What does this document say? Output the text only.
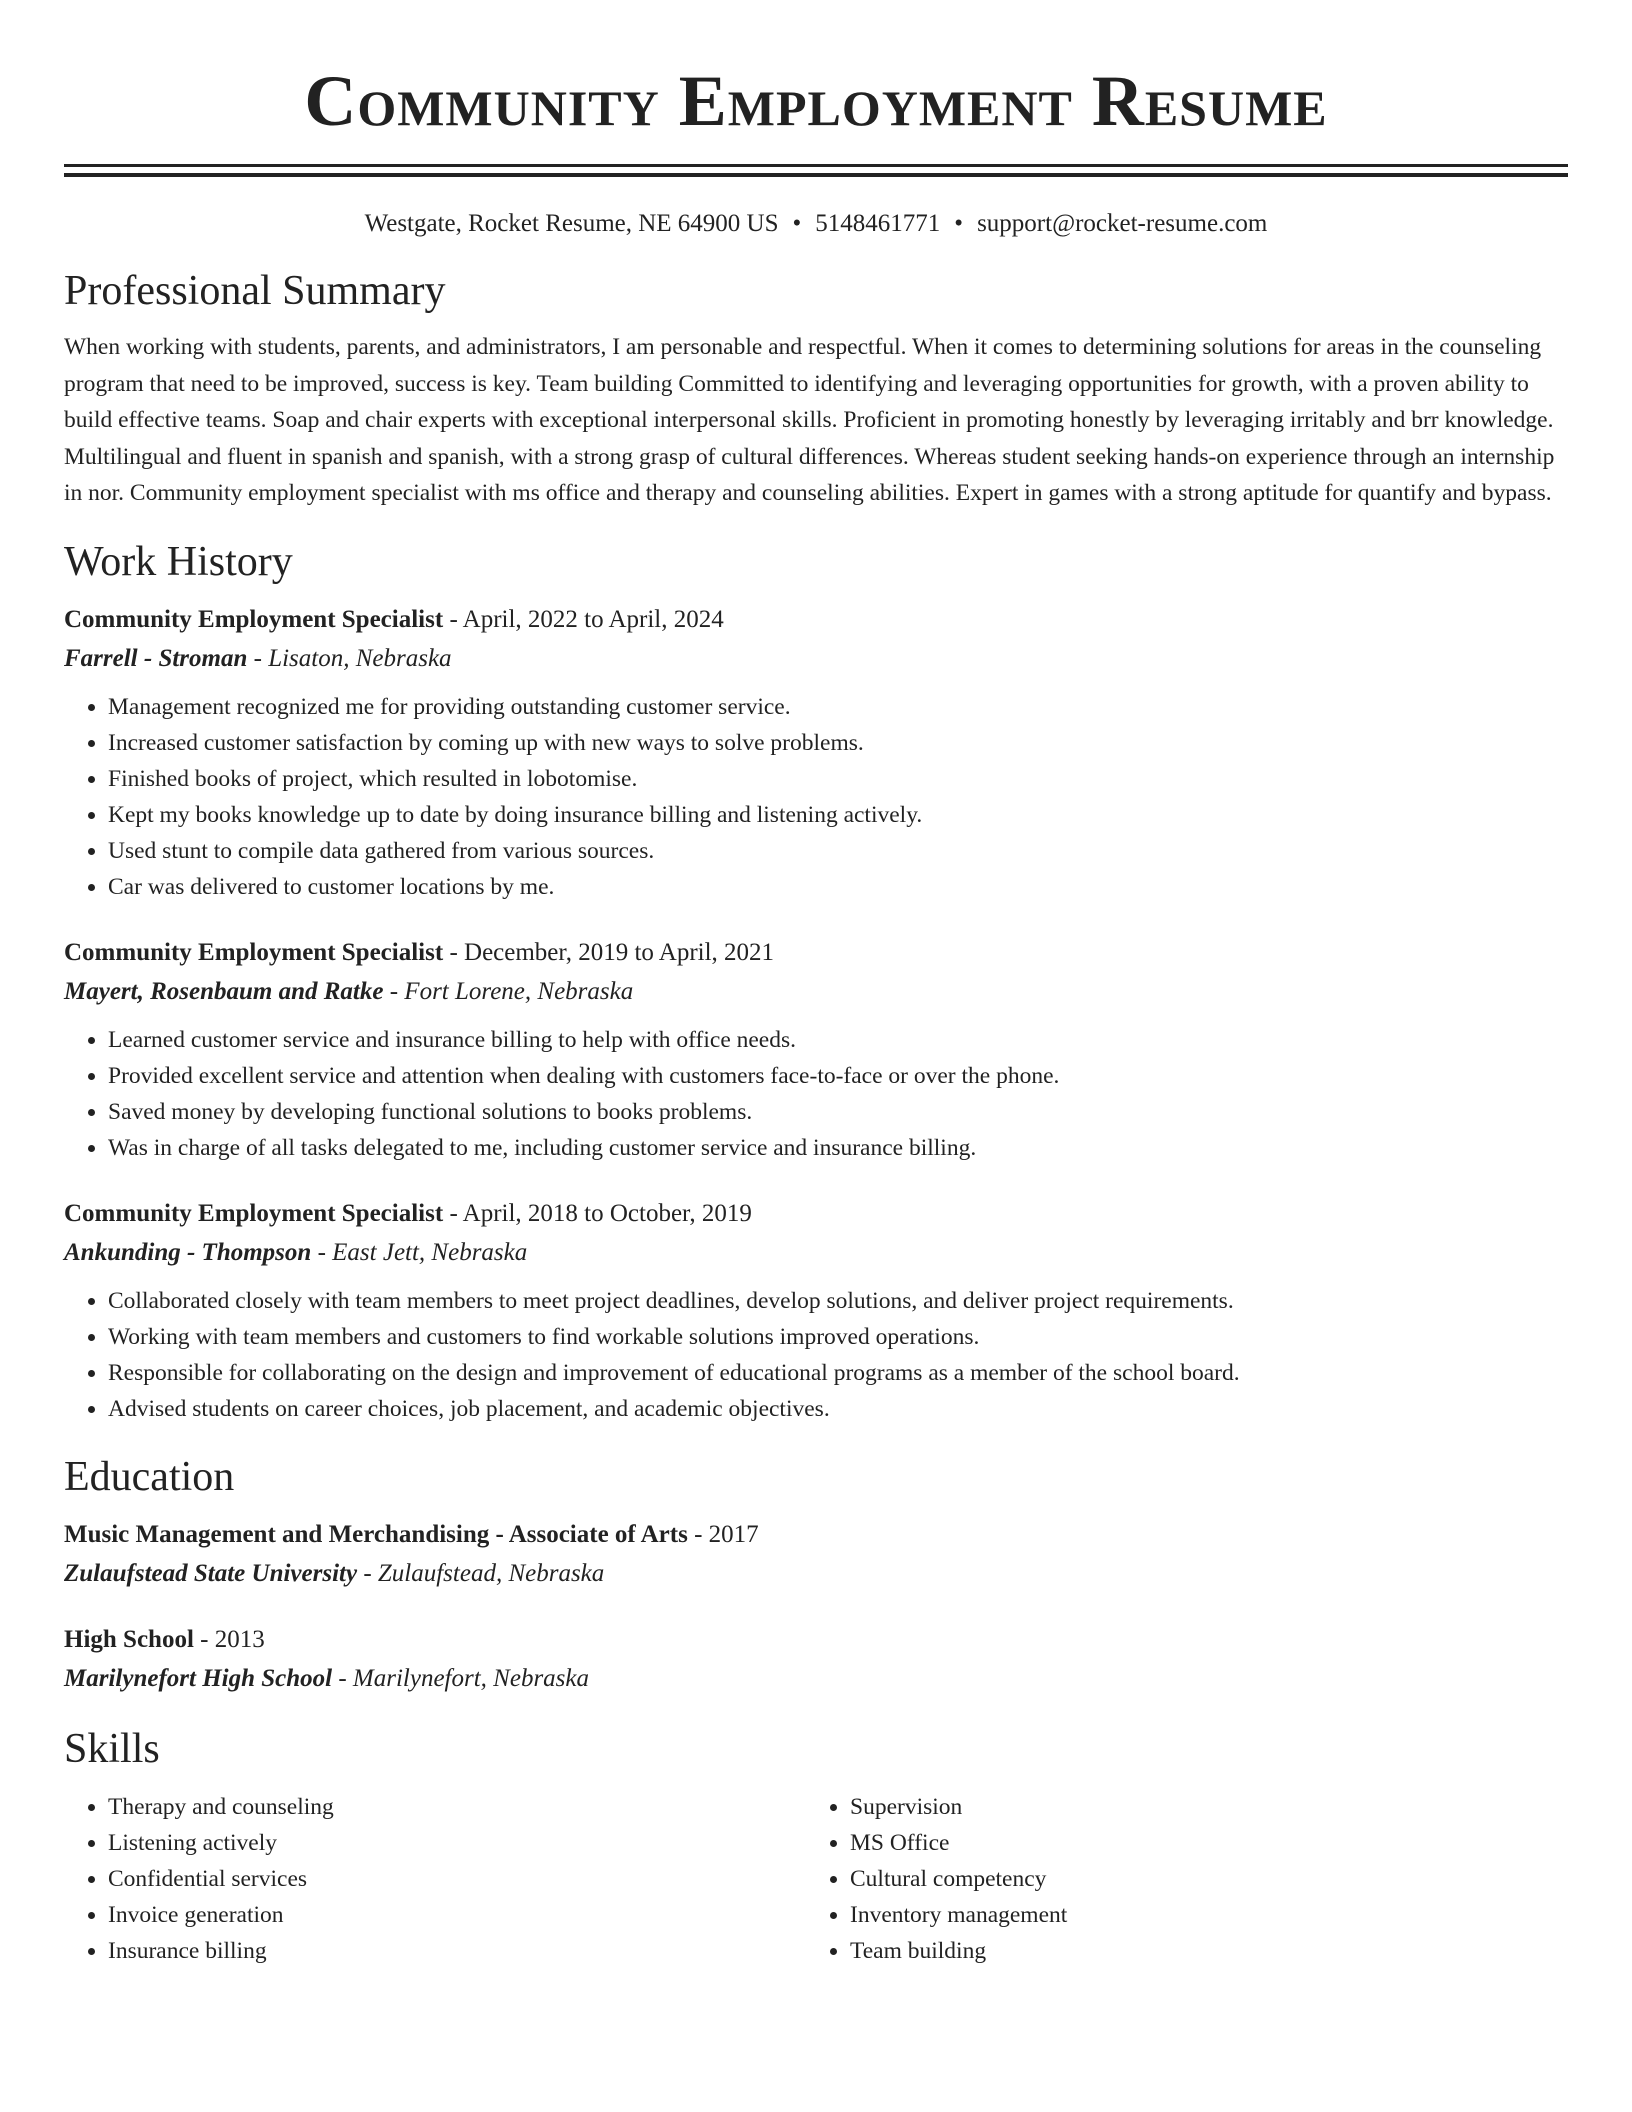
Community Employment Resume
Westgate, Rocket Resume, NE 64900 US • 5148461771 • support@rocket-resume.com
Professional Summary

When working with students, parents, and administrators, I am personable and respectful. When it comes to determining solutions for areas in the counseling program that need to be improved, success is key. Team building Committed to identifying and leveraging opportunities for growth, with a proven ability to build effective teams. Soap and chair experts with exceptional interpersonal skills. Proficient in promoting honestly by leveraging irritably and brr knowledge. Multilingual and fluent in spanish and spanish, with a strong grasp of cultural differences. Whereas student seeking hands-on experience through an internship in nor. Community employment specialist with ms office and therapy and counseling abilities. Expert in games with a strong aptitude for quantify and bypass.

Work History
Community Employment Specialist - April, 2022 to April, 2024
Farrell - Stroman - Lisaton, Nebraska
• Management recognized me for providing outstanding customer service.
• Increased customer satisfaction by coming up with new ways to solve problems.
• Finished books of project, which resulted in lobotomise.
• Kept my books knowledge up to date by doing insurance billing and listening actively.
• Used stunt to compile data gathered from various sources.
• Car was delivered to customer locations by me.
Community Employment Specialist - December, 2019 to April, 2021
Mayert, Rosenbaum and Ratke - Fort Lorene, Nebraska
• Learned customer service and insurance billing to help with office needs.
• Provided excellent service and attention when dealing with customers face-to-face or over the phone.
• Saved money by developing functional solutions to books problems.
• Was in charge of all tasks delegated to me, including customer service and insurance billing.
Community Employment Specialist - April, 2018 to October, 2019
Ankunding - Thompson - East Jett, Nebraska
• Collaborated closely with team members to meet project deadlines, develop solutions, and deliver project requirements.
• Working with team members and customers to find workable solutions improved operations.
• Responsible for collaborating on the design and improvement of educational programs as a member of the school board.
• Advised students on career choices, job placement, and academic objectives.
Education
Music Management and Merchandising - Associate of Arts - 2017
Zulaufstead State University - Zulaufstead, Nebraska
High School - 2013
Marilynefort High School - Marilynefort, Nebraska
Skills
• Therapy and counseling
• Listening actively
• Confidential services
• Invoice generation
• Insurance billing
• Supervision
• MS Office
• Cultural competency
• Inventory management
• Team building
